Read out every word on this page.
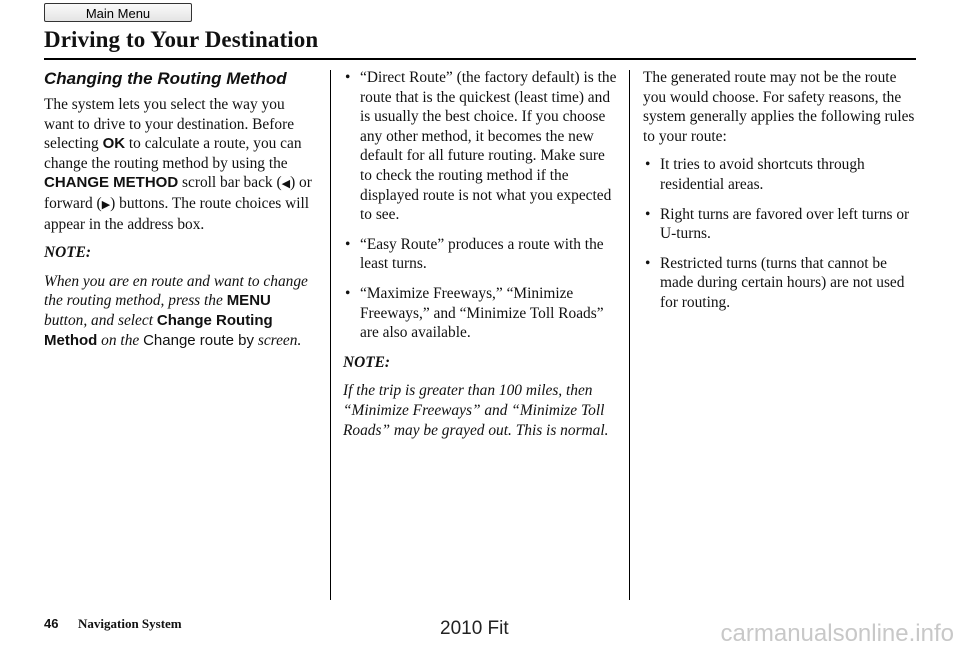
Main Menu
Driving to Your Destination
Changing the Routing Method

The system lets you select the way you want to drive to your destination. Before selecting OK to calculate a route, you can change the routing method by using the CHANGE METHOD scroll bar back (◀) or forward (▶) buttons. The route choices will appear in the address box.

NOTE:

When you are en route and want to change the routing method, press the MENU button, and select Change Routing Method on the Change route by screen.

• “Direct Route” (the factory default) is the route that is the quickest (least time) and is usually the best choice. If you choose any other method, it becomes the new default for all future routing. Make sure to check the routing method if the displayed route is not what you expected to see.
• “Easy Route” produces a route with the least turns.
• “Maximize Freeways,” “Minimize Freeways,” and “Minimize Toll Roads” are also available.

NOTE:

If the trip is greater than 100 miles, then “Minimize Freeways” and “Minimize Toll Roads” may be grayed out. This is normal.

The generated route may not be the route you would choose. For safety reasons, the system generally applies the following rules to your route:

• It tries to avoid shortcuts through residential areas.
• Right turns are favored over left turns or U-turns.
• Restricted turns (turns that cannot be made during certain hours) are not used for routing.
46 Navigation System	2010 Fit	carmanualsonline.info
